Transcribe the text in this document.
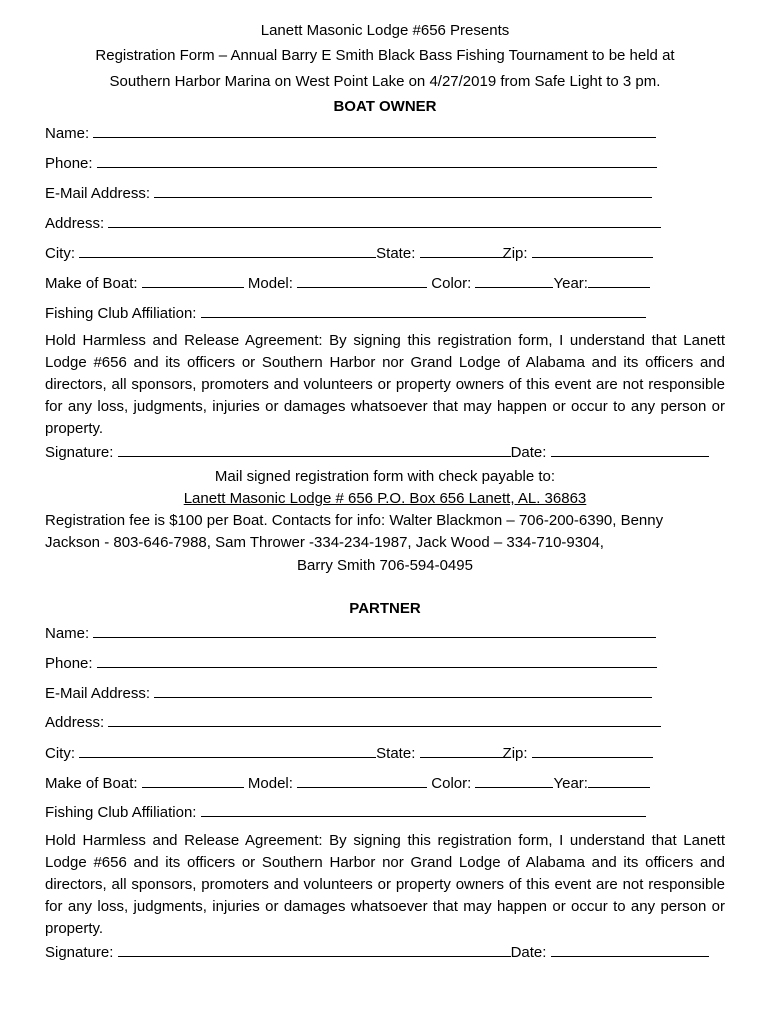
Lanett Masonic Lodge #656 Presents
Registration Form – Annual Barry E Smith Black Bass Fishing Tournament to be held at
Southern Harbor Marina on West Point Lake on 4/27/2019 from Safe Light to 3 pm.
BOAT OWNER
Name:
Phone:
E-Mail Address:
Address:
City:	State:	Zip:
Make of Boat:	Model:	Color:	Year:
Fishing Club Affiliation:
Hold Harmless and Release Agreement: By signing this registration form, I understand that Lanett Lodge #656 and its officers or Southern Harbor nor Grand Lodge of Alabama and its officers and directors, all sponsors, promoters and volunteers or property owners of this event are not responsible for any loss, judgments, injuries or damages whatsoever that may happen or occur to any person or property.
Signature:	Date:
Mail signed registration form with check payable to:
Lanett Masonic Lodge # 656 P.O. Box 656 Lanett, AL. 36863
Registration fee is $100 per Boat. Contacts for info: Walter Blackmon – 706-200-6390, Benny
Jackson - 803-646-7988, Sam Thrower -334-234-1987, Jack Wood – 334-710-9304,
Barry Smith 706-594-0495
PARTNER
Name:
Phone:
E-Mail Address:
Address:
City:	State:	Zip:
Make of Boat:	Model:	Color:	Year:
Fishing Club Affiliation:
Hold Harmless and Release Agreement: By signing this registration form, I understand that Lanett Lodge #656 and its officers or Southern Harbor nor Grand Lodge of Alabama and its officers and directors, all sponsors, promoters and volunteers or property owners of this event are not responsible for any loss, judgments, injuries or damages whatsoever that may happen or occur to any person or property.
Signature:	Date:
